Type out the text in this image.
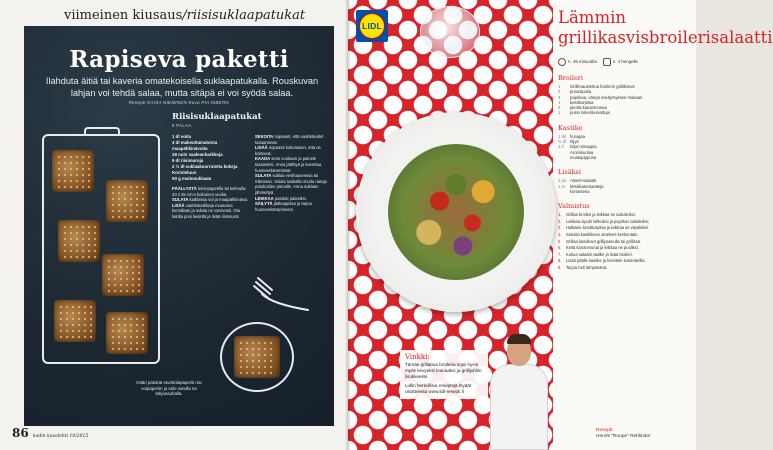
viimeinen kiusaus/riisisuklaapatukat
Rapiseva paketti
Ilahduta äitiä tai kaveria omatekoisella suklaapatukalla. Rouskuvan lahjan voi tehdä salaa, mutta sitäpä ei voi syödä salaa.
Resepti KAISA NIEMINEN Kuva PIA INBERG
Riisisuklaapatukat
8 PALAA
1 dl voita
4 dl makeuttamatonta maapähkinävoita
28 noin vaaleanharkkeja
9 dl riisimuroja
2 ½ dl suklaakuorrutetta kokeja
Koristeluun
50 g maitosuklaata
PÄÄLLYSTÄ leivinpaperilla tai kelmulla 20 x 25 cm:n kokoinen vuoka.
SULATA kattilassa voi ja maapähkinävoi.
LISÄÄ vaahtokarkkeja muutama kerrallaan ja sulata ne varovasti. Ota kattila pois liedeltä ja lisää riisimurot.
SEKOITA nopeasti, että vaahtokarkit tasaantuvat.
LISÄÄ nopeasti kokonaiset, että ne kostuvat.
KAADA seos vuokaan ja painele tasaiseksi. Anna jäähtyä ja kovettua huoneenlämmössä.
SULATA suklaa vesihauteessa tai mikrossa. Valuta lusikalla ohuita raitoja patukoiden pinnalle. Anna suklaan jähmettyä.
LEIKKAA patukat palasiksi.
SÄILYTÄ jääkaapissa ja tarjoa huoneenlämpöisenä.
Kääri patukat ravintolapaperiin tai voipaperiin ja sido narulla tai lahjanauhalla.
86 kodin kuvalehti 10/2015
LIDL
Vinkki:
Tämän grillattua broileria sopii hyvin myös kevyeksi lounaaksi ja grillijuhliin lisukkeeksi.
Lidlin herkullisia reseptejä löydät osoitteesta www.lidl-resepti.fi
Lämmin grillikasvisbroilerisalaatti
n. 45 minuuttia	n. 4 hengelle
Broileri
1	Grillimaustettua broilerin grillikoivet
2	punasipulia
3	paprikaa, värejä mieltymyksen mukaan
1	kesäkurpitsa
2	pientä kananmunaa
1	pussi sokerikuivattuja
Kastike
1 rkl hunajaa
½ dl öljyä
1 tl	Dijon-sinappia
Aromisuolaa
mustapippuria
Lisäksi
1 ps Alnetti-salaatti
1 rs	kirsikkatomaatteja
korianteria
Valmistus
1.	Grillaa broileri ja leikkaa se suikaleiksi.
2.	Leikkaa sipulit lohkoiksi ja paprikat suikaleiksi.
3.	Halkaise kesäkurpitsa ja leikkaa se viipaleiksi.
4.	Sekoita kastikkeen ainekset keskenään.
5.	Grillaa kasvikset grillipannulla tai grillissä.
6.	Keitä kananmunat ja leikkaa ne puoliksi.
7.	Kokoa salaatti vadille ja lisää broileri.
8.	Lisää päälle kastike ja koristele korianterilla.
9.	Tarjoa heti lämpimänä.
Resepti:
Henrik "Roope" Rehlinder
